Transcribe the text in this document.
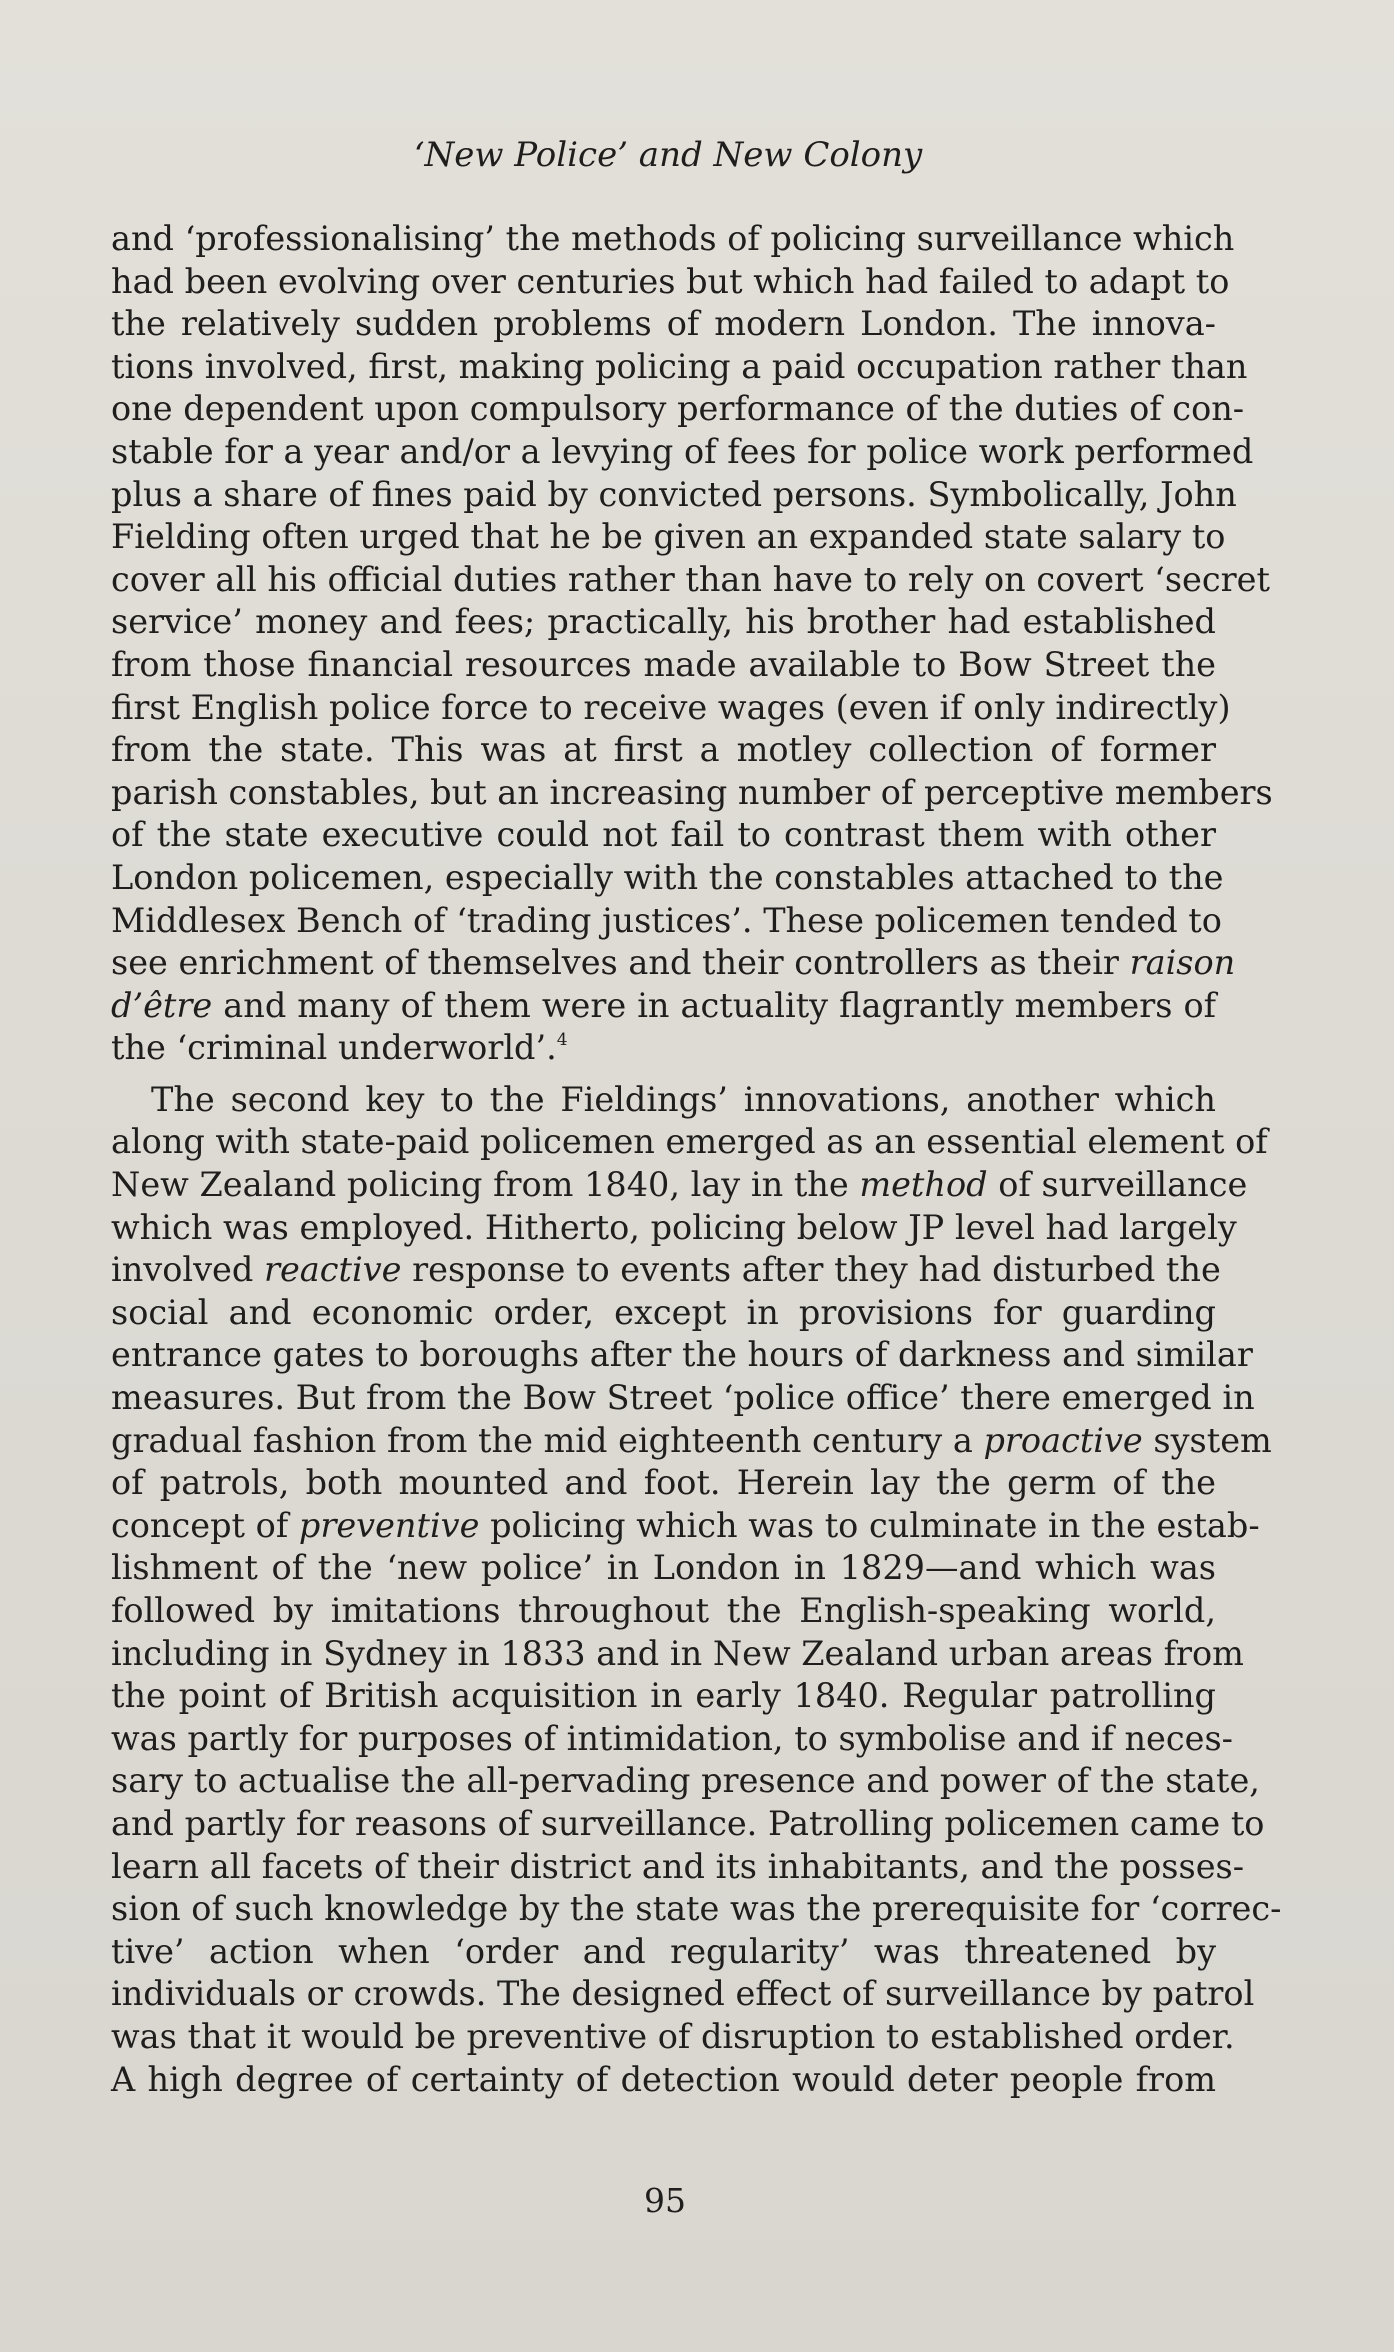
‘New Police’ and New Colony
and ‘professionalising’ the methods of policing surveillance which
had been evolving over centuries but which had failed to adapt to
the relatively sudden problems of modern London. The innova-
tions involved, first, making policing a paid occupation rather than
one dependent upon compulsory performance of the duties of con-
stable for a year and/or a levying of fees for police work performed
plus a share of fines paid by convicted persons. Symbolically, John
Fielding often urged that he be given an expanded state salary to
cover all his official duties rather than have to rely on covert ‘secret
service’ money and fees; practically, his brother had established
from those financial resources made available to Bow Street the
first English police force to receive wages (even if only indirectly)
from the state. This was at first a motley collection of former
parish constables, but an increasing number of perceptive members
of the state executive could not fail to contrast them with other
London policemen, especially with the constables attached to the
Middlesex Bench of ‘trading justices’. These policemen tended to
see enrichment of themselves and their controllers as their raison
d’être and many of them were in actuality flagrantly members of
the ‘criminal underworld’.$^4$
The second key to the Fieldings’ innovations, another which
along with state-paid policemen emerged as an essential element of
New Zealand policing from 1840, lay in the method of surveillance
which was employed. Hitherto, policing below JP level had largely
involved reactive response to events after they had disturbed the
social and economic order, except in provisions for guarding
entrance gates to boroughs after the hours of darkness and similar
measures. But from the Bow Street ‘police office’ there emerged in
gradual fashion from the mid eighteenth century a proactive system
of patrols, both mounted and foot. Herein lay the germ of the
concept of preventive policing which was to culminate in the estab-
lishment of the ‘new police’ in London in 1829—and which was
followed by imitations throughout the English-speaking world,
including in Sydney in 1833 and in New Zealand urban areas from
the point of British acquisition in early 1840. Regular patrolling
was partly for purposes of intimidation, to symbolise and if neces-
sary to actualise the all-pervading presence and power of the state,
and partly for reasons of surveillance. Patrolling policemen came to
learn all facets of their district and its inhabitants, and the posses-
sion of such knowledge by the state was the prerequisite for ‘correc-
tive’ action when ‘order and regularity’ was threatened by
individuals or crowds. The designed effect of surveillance by patrol
was that it would be preventive of disruption to established order.
A high degree of certainty of detection would deter people from
95
